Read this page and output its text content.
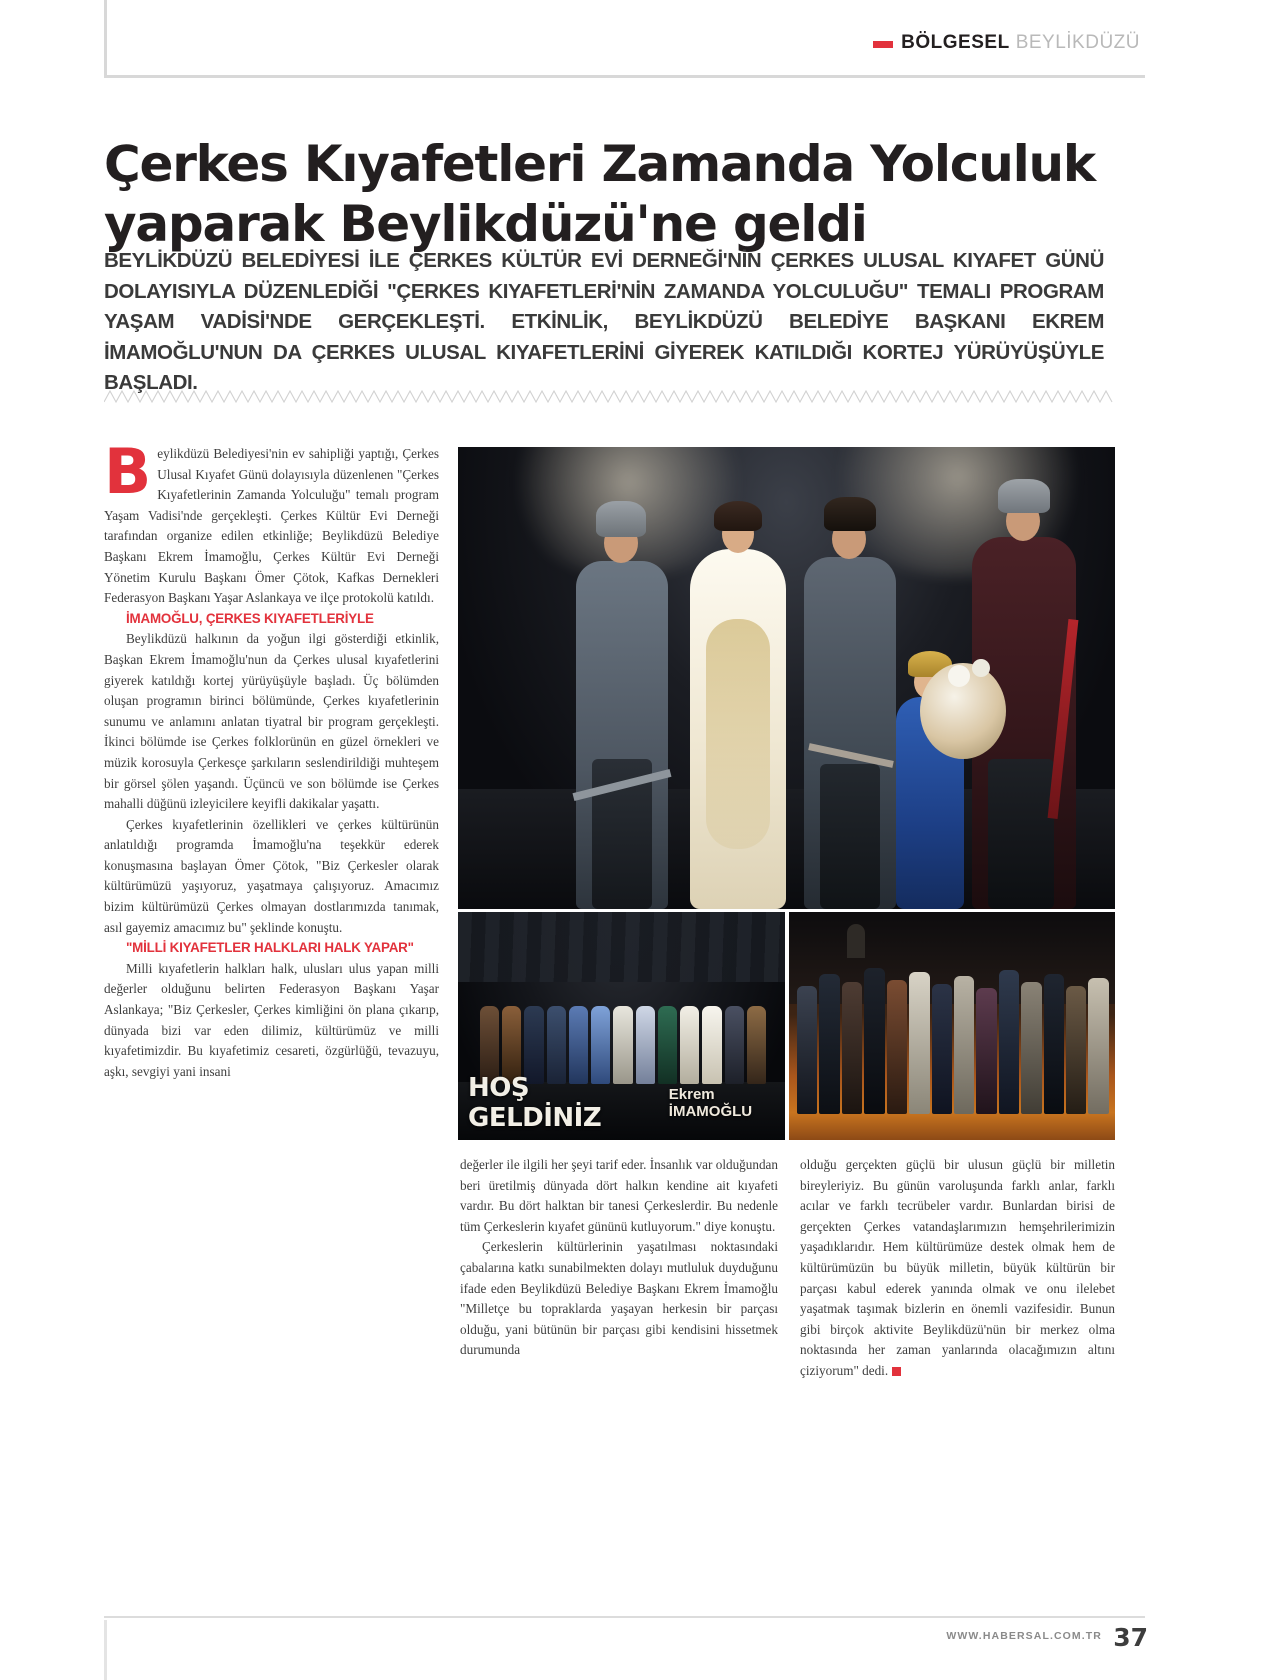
BÖLGESEL BEYLİKDÜZÜ
Çerkes Kıyafetleri Zamanda Yolculuk yaparak Beylikdüzü'ne geldi
BEYLİKDÜZÜ BELEDİYESİ İLE ÇERKES KÜLTÜR EVİ DERNEĞİ'NİN ÇERKES ULUSAL KIYAFET GÜNÜ DOLAYISIYLA DÜZENLEDİĞİ "ÇERKES KIYAFETLERİ'NİN ZAMANDA YOLCULUĞU" TEMALI PROGRAM YAŞAM VADİSİ'NDE GERÇEKLEŞTİ. ETKİNLİK, BEYLİKDÜZÜ BELEDİYE BAŞKANI EKREM İMAMOĞLU'NUN DA ÇERKES ULUSAL KIYAFETLERİNİ GİYEREK KATILDIĞI KORTEJ YÜRÜYÜŞÜYLE BAŞLADI.

Beylikdüzü Belediyesi'nin ev sahipliği yaptığı, Çerkes Ulusal Kıyafet Günü dolayısıyla düzenlenen "Çerkes Kıyafetlerinin Zamanda Yolculuğu" temalı program Yaşam Vadisi'nde gerçekleşti. Çerkes Kültür Evi Derneği tarafından organize edilen etkinliğe; Beylikdüzü Belediye Başkanı Ekrem İmamoğlu, Çerkes Kültür Evi Derneği Yönetim Kurulu Başkanı Ömer Çötok, Kafkas Dernekleri Federasyon Başkanı Yaşar Aslankaya ve ilçe protokolü katıldı.

İMAMOĞLU, ÇERKES KIYAFETLERİYLE

Beylikdüzü halkının da yoğun ilgi gösterdiği etkinlik, Başkan Ekrem İmamoğlu'nun da Çerkes ulusal kıyafetlerini giyerek katıldığı kortej yürüyüşüyle başladı. Üç bölümden oluşan programın birinci bölümünde, Çerkes kıyafetlerinin sunumu ve anlamını anlatan tiyatral bir program gerçekleşti. İkinci bölümde ise Çerkes folklorünün en güzel örnekleri ve müzik korosuyla Çerkesçe şarkıların seslendirildiği muhteşem bir görsel şölen yaşandı. Üçüncü ve son bölümde ise Çerkes mahalli düğünü izleyicilere keyifli dakikalar yaşattı.

Çerkes kıyafetlerinin özellikleri ve çerkes kültürünün anlatıldığı programda İmamoğlu'na teşekkür ederek konuşmasına başlayan Ömer Çötok, "Biz Çerkesler olarak kültürümüzü yaşıyoruz, yaşatmaya çalışıyoruz. Amacımız bizim kültürümüzü Çerkes olmayan dostlarımızda tanımak, asıl gayemiz amacımız bu" şeklinde konuştu.

"MİLLİ KIYAFETLER HALKLARI HALK YAPAR"

Milli kıyafetlerin halkları halk, ulusları ulus yapan milli değerler olduğunu belirten Federasyon Başkanı Yaşar Aslankaya; "Biz Çerkesler, Çerkes kimliğini ön plana çıkarıp, dünyada bizi var eden dilimiz, kültürümüz ve milli kıyafetimizdir. Bu kıyafetimiz cesareti, özgürlüğü, tevazuyu, aşkı, sevgiyi yani insani

değerler ile ilgili her şeyi tarif eder. İnsanlık var olduğundan beri üretilmiş dünyada dört halkın kendine ait kıyafeti vardır. Bu dört halktan bir tanesi Çerkeslerdir. Bu nedenle tüm Çerkeslerin kıyafet gününü kutluyorum." diye konuştu.

Çerkeslerin kültürlerinin yaşatılması noktasındaki çabalarına katkı sunabilmekten dolayı mutluluk duyduğunu ifade eden Beylikdüzü Belediye Başkanı Ekrem İmamoğlu "Milletçe bu topraklarda yaşayan herkesin bir parçası olduğu, yani bütünün bir parçası gibi kendisini hissetmek durumunda

olduğu gerçekten güçlü bir ulusun güçlü bir milletin bireyleriyiz. Bu günün varoluşunda farklı anlar, farklı acılar ve farklı tecrübeler vardır. Bunlardan birisi de gerçekten Çerkes vatandaşlarımızın hemşehrilerimizin yaşadıklarıdır. Hem kültürümüze destek olmak hem de kültürümüzün bu büyük milletin, büyük kültürün bir parçası kabul ederek yanında olmak ve onu ilelebet yaşatmak taşımak bizlerin en önemli vazifesidir. Bunun gibi birçok aktivite Beylikdüzü'nün bir merkez olma noktasında her zaman yanlarında olacağımızın altını çiziyorum" dedi.

HOŞ GELDİNİZ
Ekrem İMAMOĞLU
WWW.HABERSAL.COM.TR 37
